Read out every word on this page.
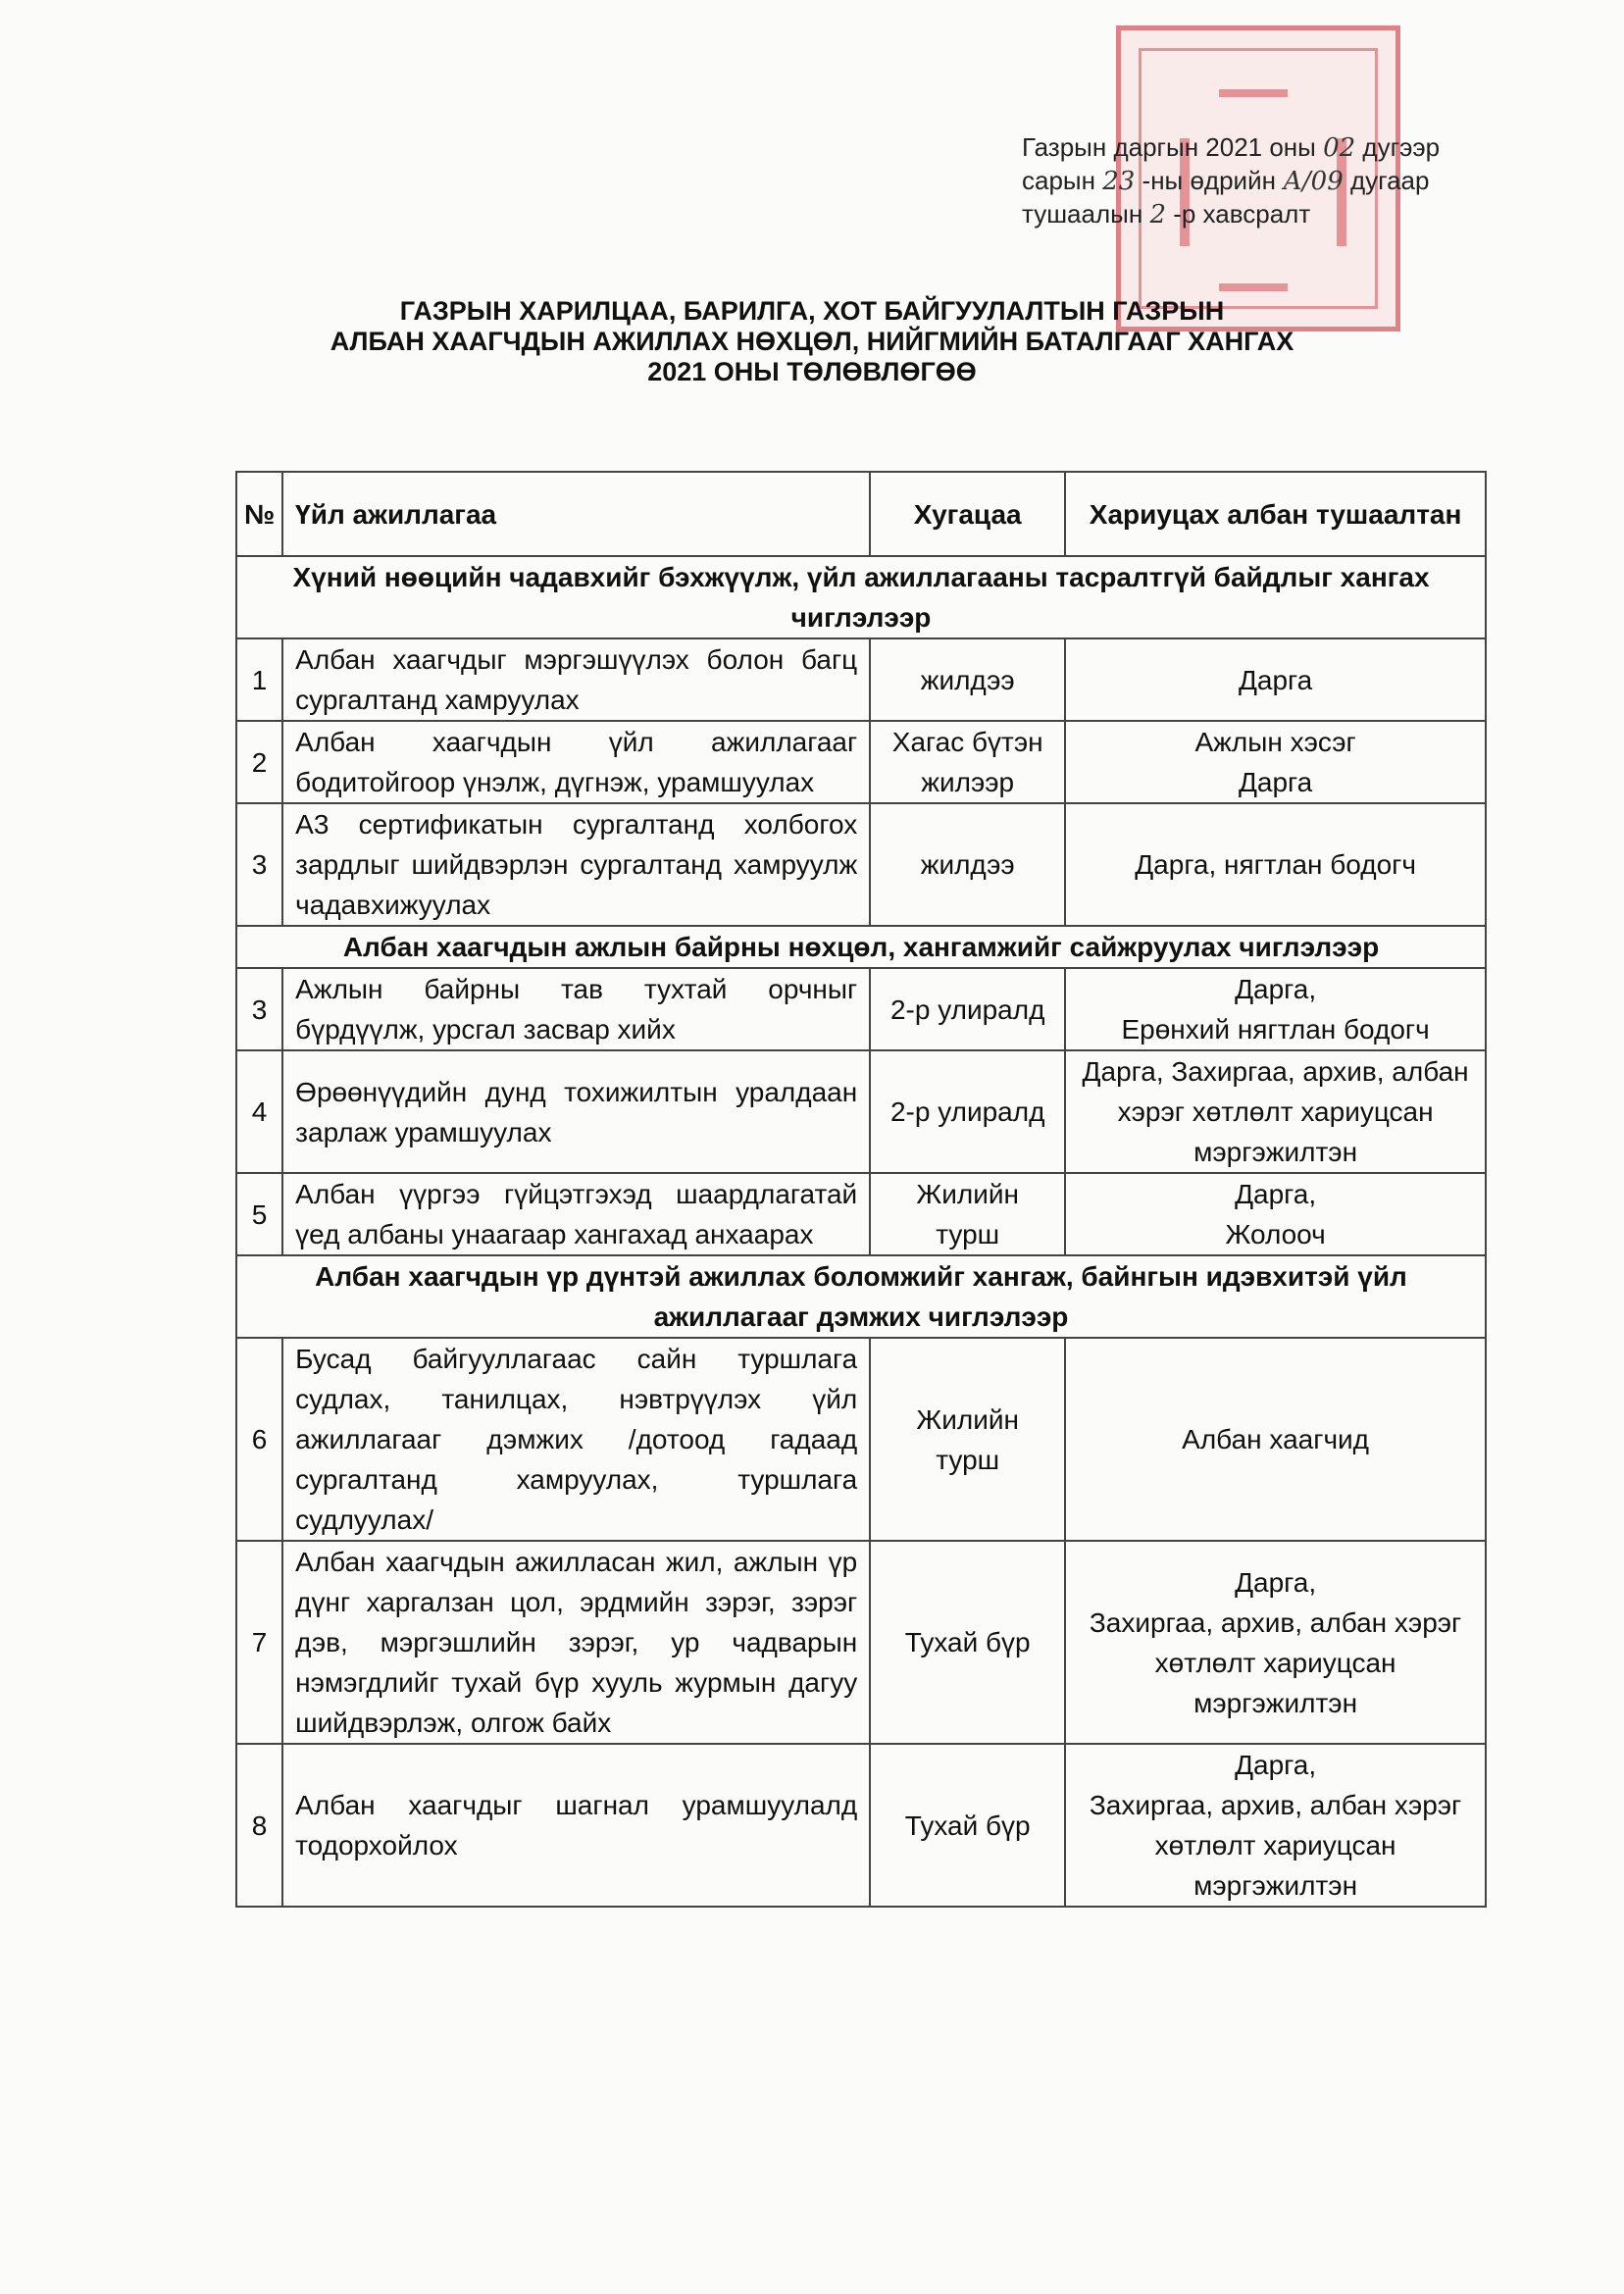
Газрын даргын 2021 оны 02 дугээр
сарын 23 -ны өдрийн А/09 дугаар
тушаалын 2 -р хавсралт
ГАЗРЫН ХАРИЛЦАА, БАРИЛГА, ХОТ БАЙГУУЛАЛТЫН ГАЗРЫН
АЛБАН ХААГЧДЫН АЖИЛЛАХ НӨХЦӨЛ, НИЙГМИЙН БАТАЛГААГ ХАНГАХ
2021 ОНЫ ТӨЛӨВЛӨГӨӨ
№	Үйл ажиллагаа	Хугацаа	Хариуцах албан тушаалтан
Хүний нөөцийн чадавхийг бэхжүүлж, үйл ажиллагааны тасралтгүй байдлыг хангах чиглэлээр			
1	Албан хаагчдыг мэргэшүүлэх болон багц сургалтанд хамруулах	жилдээ	Дарга
2	Албан хаагчдын үйл ажиллагааг бодитойгоор үнэлж, дүгнэж, урамшуулах	Хагас бүтэн жилээр	Ажлын хэсэг
Дарга
3	А3 сертификатын сургалтанд холбогох зардлыг шийдвэрлэн сургалтанд хамруулж чадавхижуулах	жилдээ	Дарга, нягтлан бодогч
Албан хаагчдын ажлын байрны нөхцөл, хангамжийг сайжруулах чиглэлээр			
3	Ажлын байрны тав тухтай орчныг бүрдүүлж, урсгал засвар хийх	2-р улиралд	Дарга,
Ерөнхий нягтлан бодогч
4	Өрөөнүүдийн дунд тохижилтын уралдаан зарлаж урамшуулах	2-р улиралд	Дарга, Захиргаа, архив, албан хэрэг хөтлөлт хариуцсан мэргэжилтэн
5	Албан үүргээ гүйцэтгэхэд шаардлагатай үед албаны унаагаар хангахад анхаарах	Жилийн турш	Дарга,
Жолооч
Албан хаагчдын үр дүнтэй ажиллах боломжийг хангаж, байнгын идэвхитэй үйл ажиллагааг дэмжих чиглэлээр			
6	Бусад байгууллагаас сайн туршлага судлах, танилцах, нэвтрүүлэх үйл ажиллагааг дэмжих /дотоод гадаад сургалтанд хамруулах, туршлага судлуулах/	Жилийн турш	Албан хаагчид
7	Албан хаагчдын ажилласан жил, ажлын үр дүнг харгалзан цол, эрдмийн зэрэг, зэрэг дэв, мэргэшлийн зэрэг, ур чадварын нэмэгдлийг тухай бүр хууль журмын дагуу шийдвэрлэж, олгож байх	Тухай бүр	Дарга,
Захиргаа, архив, албан хэрэг хөтлөлт хариуцсан мэргэжилтэн
8	Албан хаагчдыг шагнал урамшуулалд тодорхойлох	Тухай бүр	Дарга,
Захиргаа, архив, албан хэрэг хөтлөлт хариуцсан мэргэжилтэн
